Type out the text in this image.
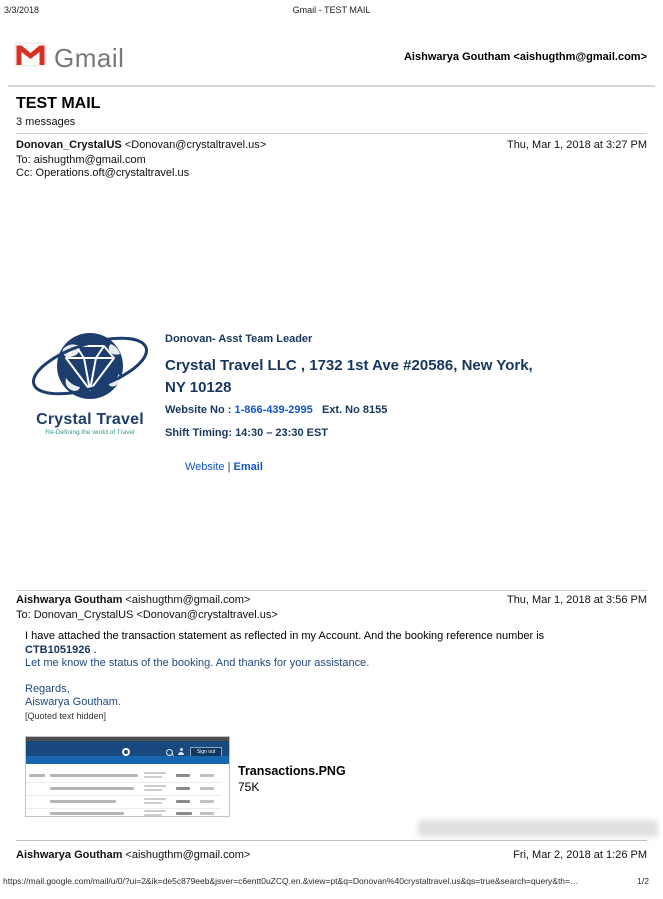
3/3/2018	Gmail - TEST MAIL
Gmail	Aishwarya Goutham <aishugthm@gmail.com>
TEST MAIL
3 messages
Donovan_CrystalUS <Donovan@crystaltravel.us>	Thu, Mar 1, 2018 at 3:27 PM
To: aishugthm@gmail.com
Cc: Operations.oft@crystaltravel.us
Crystal Travel
Re-Defining the world of Travel
Donovan- Asst Team Leader
Crystal Travel LLC , 1732 1st Ave #20586, New York, NY 10128
Website No : 1-866-439-2995   Ext. No 8155
Shift Timing: 14:30 – 23:30 EST
Website | Email
Aishwarya Goutham <aishugthm@gmail.com>	Thu, Mar 1, 2018 at 3:56 PM
To: Donovan_CrystalUS <Donovan@crystaltravel.us>
I have attached the transaction statement as reflected in my Account. And the booking reference number is
CTB1051926 .
Let me know the status of the booking. And thanks for your assistance.
Regards,
Aiswarya Goutham.
[Quoted text hidden]
Sign out
Transactions.PNG
75K
Aishwarya Goutham <aishugthm@gmail.com>	Fri, Mar 2, 2018 at 1:26 PM
https://mail.google.com/mail/u/0/?ui=2&ik=de5c879eeb&jsver=c6entt0uZCQ.en.&view=pt&q=Donovan%40crystaltravel.us&qs=true&search=query&th=…	1/2
